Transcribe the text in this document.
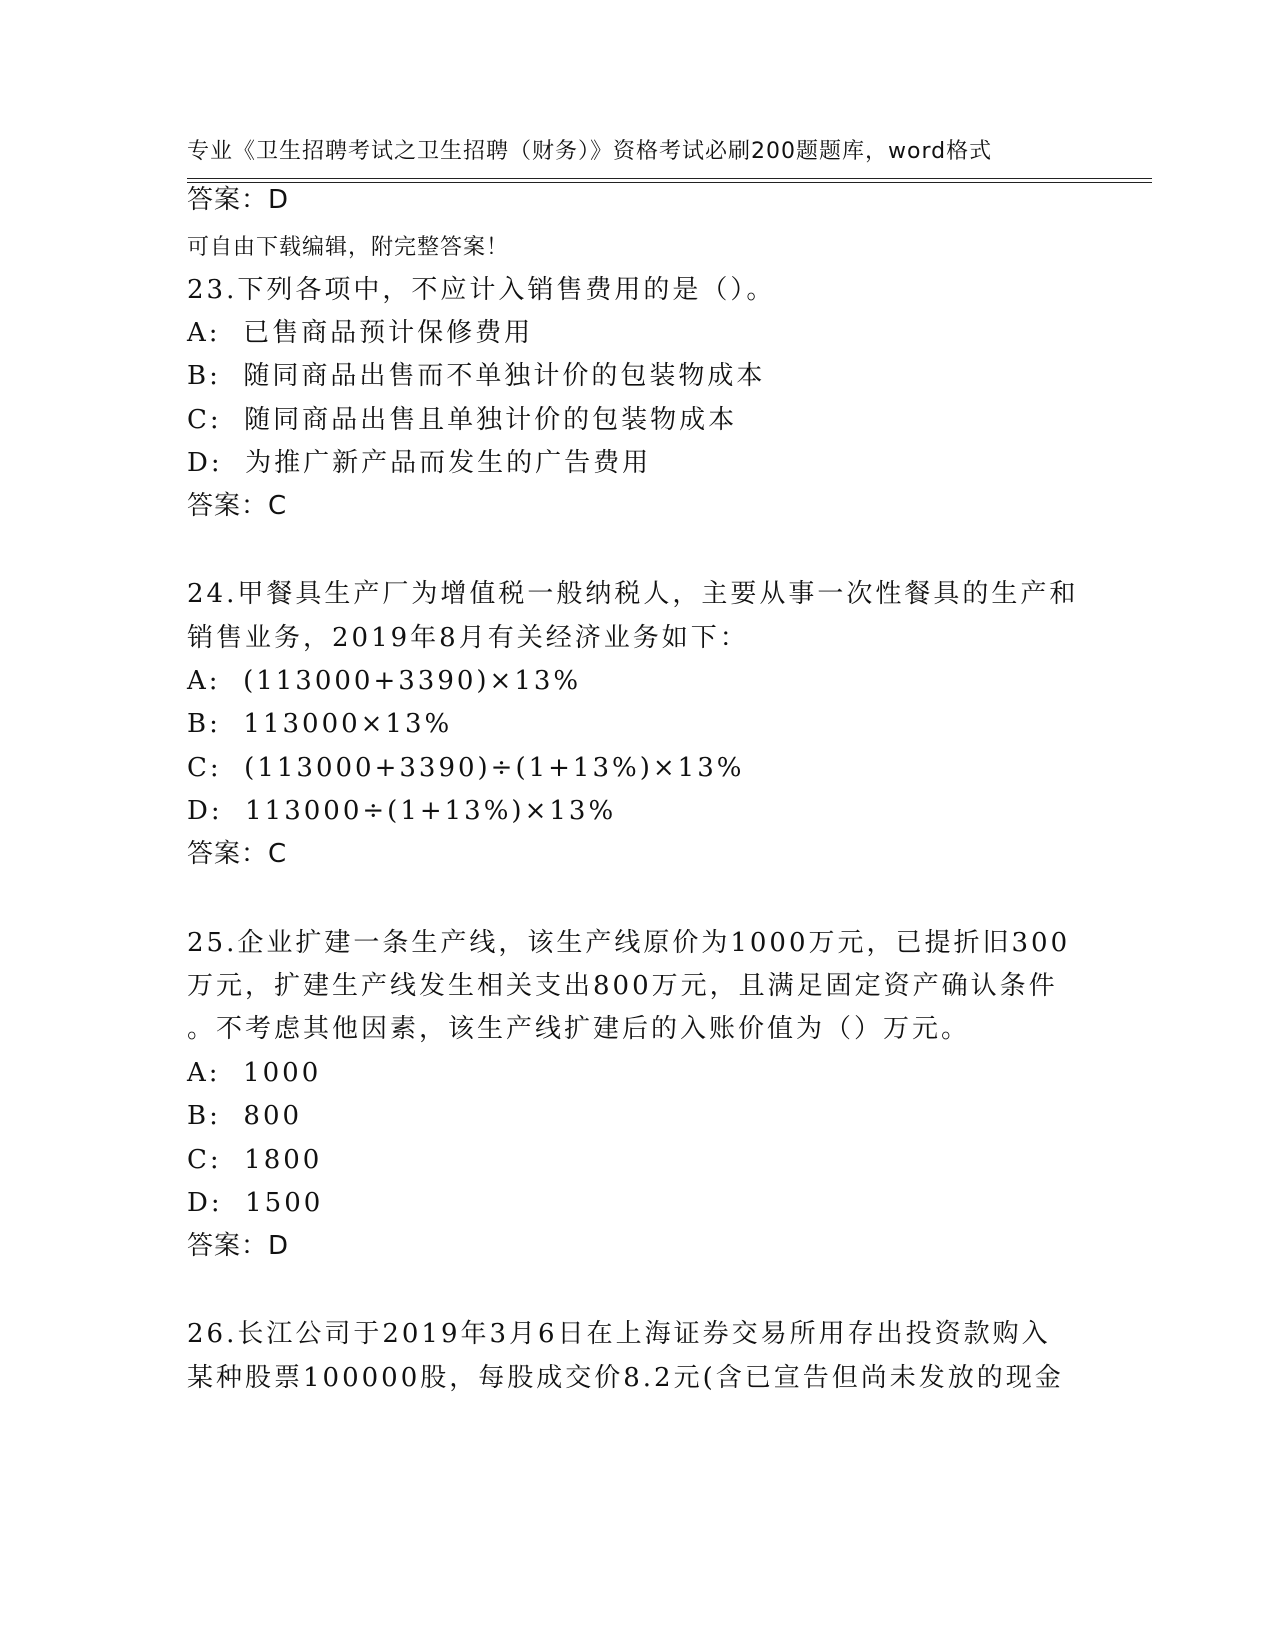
专业《卫生招聘考试之卫生招聘（财务）》资格考试必刷200题题库，word格式

可自由下载编辑，附完整答案！

答案：D
23.下列各项中，不应计入销售费用的是（）。
A:  已售商品预计保修费用
B:  随同商品出售而不单独计价的包装物成本
C:  随同商品出售且单独计价的包装物成本
D:  为推广新产品而发生的广告费用
答案：C
24.甲餐具生产厂为增值税一般纳税人，主要从事一次性餐具的生产和
销售业务，2019年8月有关经济业务如下：
A:  (113000+3390)×13%
B:  113000×13%
C:  (113000+3390)÷(1+13%)×13%
D:  113000÷(1+13%)×13%
答案：C
25.企业扩建一条生产线，该生产线原价为1000万元，已提折旧300
万元，扩建生产线发生相关支出800万元，且满足固定资产确认条件
。不考虑其他因素，该生产线扩建后的入账价值为（）万元。
A:  1000
B:  800
C:  1800
D:  1500
答案：D
26.长江公司于2019年3月6日在上海证券交易所用存出投资款购入
某种股票100000股，每股成交价8.2元(含已宣告但尚未发放的现金
